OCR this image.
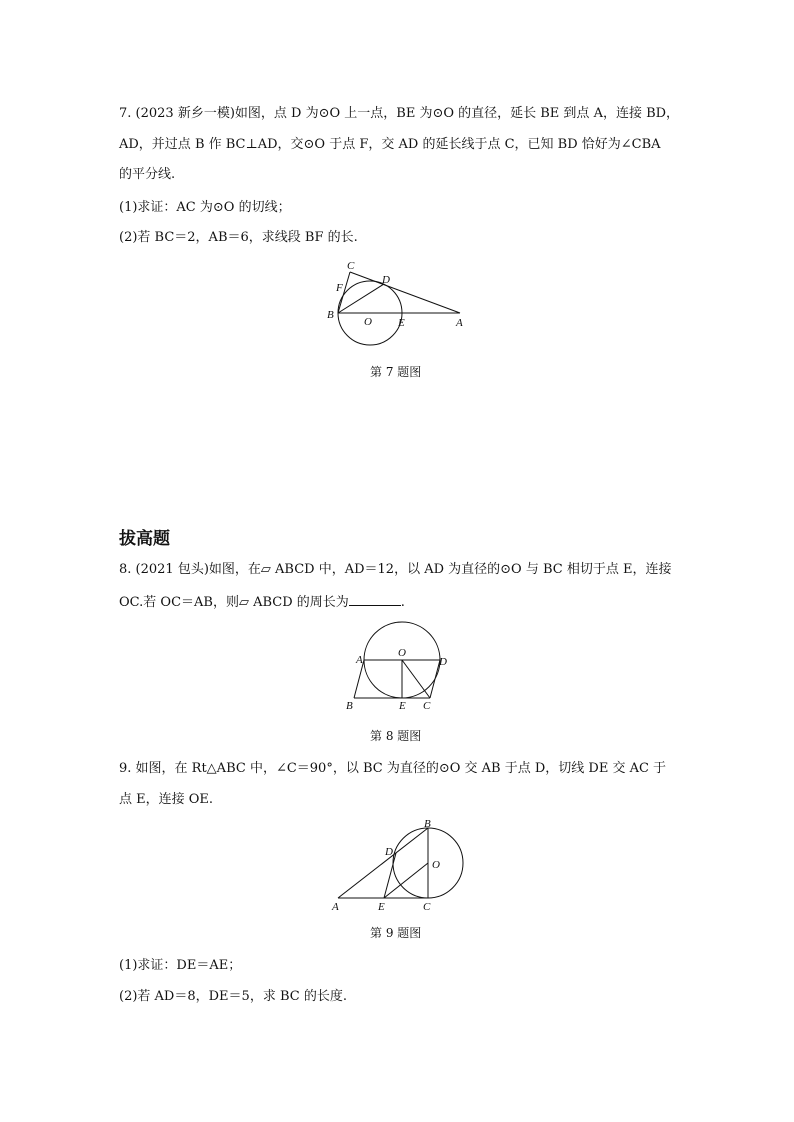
7. (2023 新乡一模)如图，点 D 为⊙O 上一点，BE 为⊙O 的直径，延长 BE 到点 A，连接 BD，
AD，并过点 B 作 BC⊥AD，交⊙O 于点 F，交 AD 的延长线于点 C，已知 BD 恰好为∠CBA
的平分线.
(1)求证：AC 为⊙O 的切线；
(2)若 BC＝2，AB＝6，求线段 BF 的长.
C
D
F
B
O E	A
第 7 题图
拔高题
8. (2021 包头)如图，在▱ ABCD 中，AD＝12，以 AD 为直径的⊙O 与 BC 相切于点 E，连接
OC.若 OC＝AB，则▱ ABCD 的周长为	.
A
O
D
B	E C
第 8 题图
9. 如图，在 Rt△ABC 中，∠C＝90°，以 BC 为直径的⊙O 交 AB 于点 D，切线 DE 交 AC 于
点 E，连接 OE.
B
D
O
A	E	C
第 9 题图
(1)求证：DE＝AE；
(2)若 AD＝8，DE＝5，求 BC 的长度.
